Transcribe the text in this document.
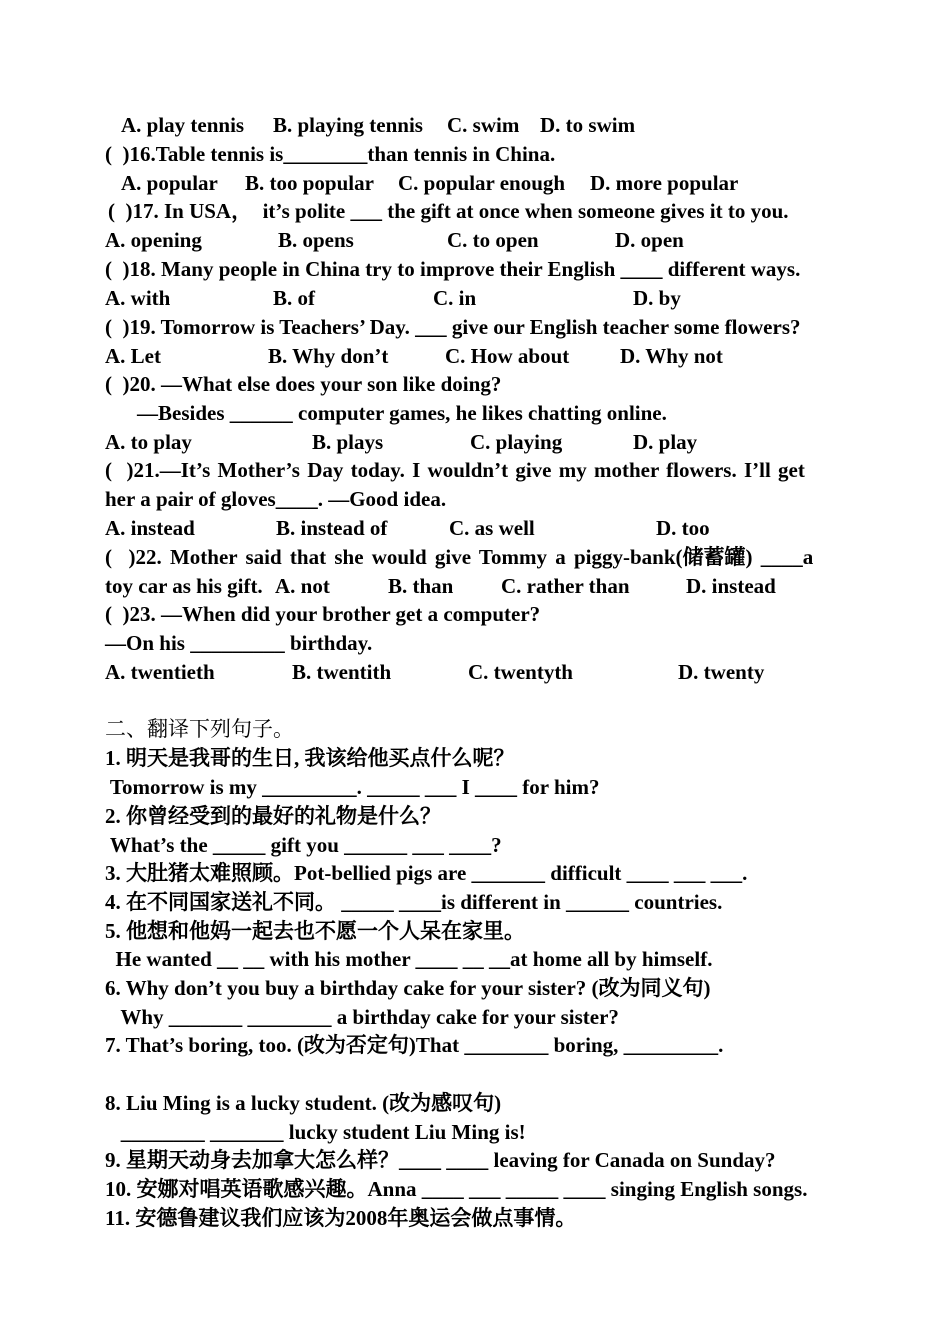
A. play tennis

B. playing tennis

C. swim

D. to swim

(  )16.Table tennis is________than tennis in China.

A. popular

B. too popular

C. popular enough

D. more popular

(  )17. In USA，  it’s polite ___ the gift at once when someone gives it to you.

A. opening

	B. opens

	C. to open

	D. open

(  )18. Many people in China try to improve their English ____ different ways.

A. with

	B. of

	C. in

	D. by

(  )19. Tomorrow is Teachers’ Day. ___ give our English teacher some flowers?

A. Let

	B. Why don’t

	C. How about

D. Why not

(  )20. —What else does your son like doing?
—Besides ______ computer games, he likes chatting online.

A. to play

	B. plays

	C. playing

	D. play

(  )21.—It’s Mother’s Day today. I wouldn’t give my mother flowers. I’ll get
her a pair of gloves____. —Good idea.

A. instead

	B. instead of

	C. as well

	D. too

(  )22. Mother said that she would give Tommy a piggy-bank(储蓄罐) ____a

toy car as his gift.

A. not

	B. than

C. rather than

	D. instead

(  )23. —When did your brother get a computer?
—On his _________ birthday.

A. twentieth

	B. twentith

	C. twentyth

	D. twenty

二、翻译下列句子。
1. 明天是我哥的生日, 我该给他买点什么呢？
Tomorrow is my _________. _____ ___ I ____ for him?
2. 你曾经受到的最好的礼物是什么？
What’s the _____ gift you ______ ___ ____?
3. 大肚猪太难照顾。Pot-bellied pigs are _______ difficult ____ ___ ___.
4. 在不同国家送礼不同。 _____ ____is different in ______ countries.
5. 他想和他妈一起去也不愿一个人呆在家里。
He wanted __ __ with his mother ____ __ __at home all by himself.
6. Why don’t you buy a birthday cake for your sister? (改为同义句)
Why _______ ________ a birthday cake for your sister?
7. That’s boring, too. (改为否定句)That ________ boring, _________.
8. Liu Ming is a lucky student. (改为感叹句)
________ _______ lucky student Liu Ming is!
9. 星期天动身去加拿大怎么样？____ ____ leaving for Canada on Sunday?
10. 安娜对唱英语歌感兴趣。Anna ____ ___ _____ ____ singing English songs.
11. 安德鲁建议我们应该为2008年奥运会做点事情。
